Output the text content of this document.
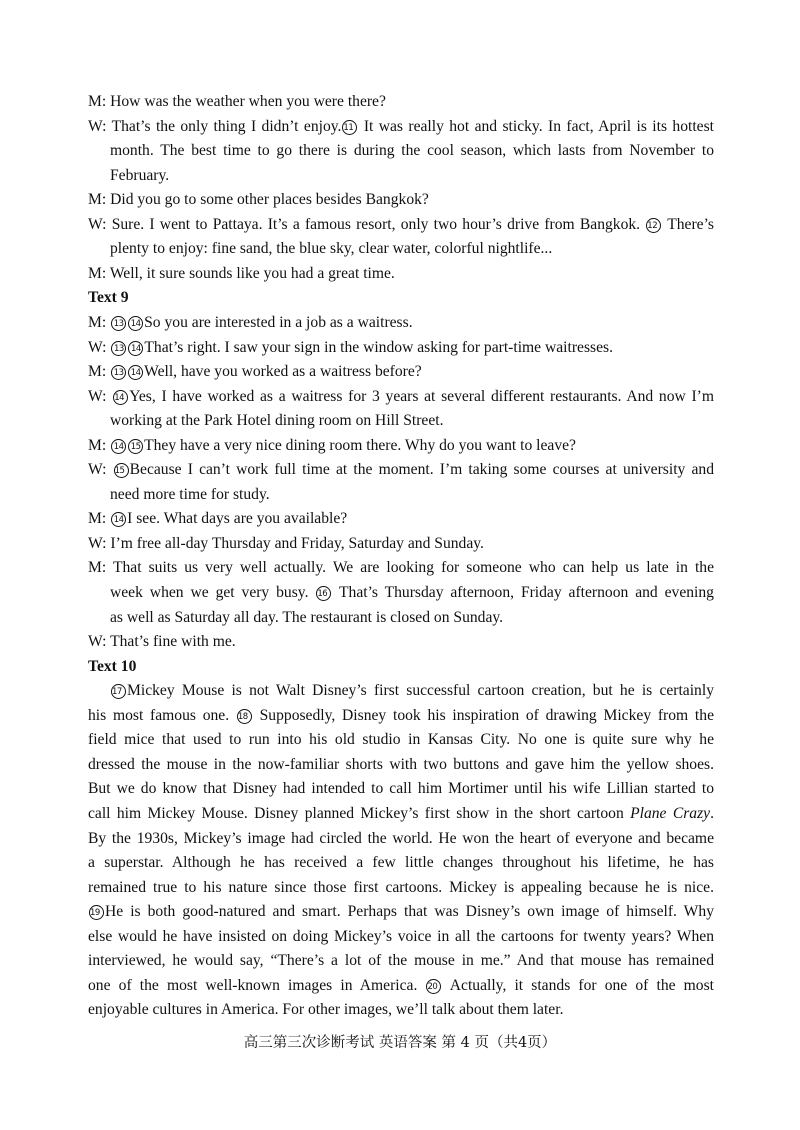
M: How was the weather when you were there?
W: That’s the only thing I didn’t enjoy. 11 It was really hot and sticky. In fact, April is its hottest
month. The best time to go there is during the cool season, which lasts from November to
February.
M: Did you go to some other places besides Bangkok?
W: Sure. I went to Pattaya. It’s a famous resort, only two hour’s drive from Bangkok. 12 There’s
plenty to enjoy: fine sand, the blue sky, clear water, colorful nightlife...
M: Well, it sure sounds like you had a great time.
Text 9
M: 13 14 So you are interested in a job as a waitress.
W: 13 14 That’s right. I saw your sign in the window asking for part-time waitresses.
M: 13 14 Well, have you worked as a waitress before?
W: 14 Yes, I have worked as a waitress for 3 years at several different restaurants. And now I’m
working at the Park Hotel dining room on Hill Street.
M: 14 15 They have a very nice dining room there. Why do you want to leave?
W: 15 Because I can’t work full time at the moment. I’m taking some courses at university and
need more time for study.
M: 14 I see. What days are you available?
W: I’m free all-day Thursday and Friday, Saturday and Sunday.
M: That suits us very well actually. We are looking for someone who can help us late in the
week when we get very busy. 16 That’s Thursday afternoon, Friday afternoon and evening
as well as Saturday all day. The restaurant is closed on Sunday.
W: That’s fine with me.
Text 10
17 Mickey Mouse is not Walt Disney’s first successful cartoon creation, but he is certainly
his most famous one. 18 Supposedly, Disney took his inspiration of drawing Mickey from the
field mice that used to run into his old studio in Kansas City. No one is quite sure why he
dressed the mouse in the now-familiar shorts with two buttons and gave him the yellow shoes.
But we do know that Disney had intended to call him Mortimer until his wife Lillian started to
call him Mickey Mouse. Disney planned Mickey’s first show in the short cartoon Plane Crazy.
By the 1930s, Mickey’s image had circled the world. He won the heart of everyone and became
a superstar. Although he has received a few little changes throughout his lifetime, he has
remained true to his nature since those first cartoons. Mickey is appealing because he is nice.
19 He is both good-natured and smart. Perhaps that was Disney’s own image of himself. Why
else would he have insisted on doing Mickey’s voice in all the cartoons for twenty years? When
interviewed, he would say, “There’s a lot of the mouse in me.” And that mouse has remained
one of the most well-known images in America. 20 Actually, it stands for one of the most
enjoyable cultures in America. For other images, we’ll talk about them later.
高三第三次诊断考试 英语答案 第 4 页（共4页）
